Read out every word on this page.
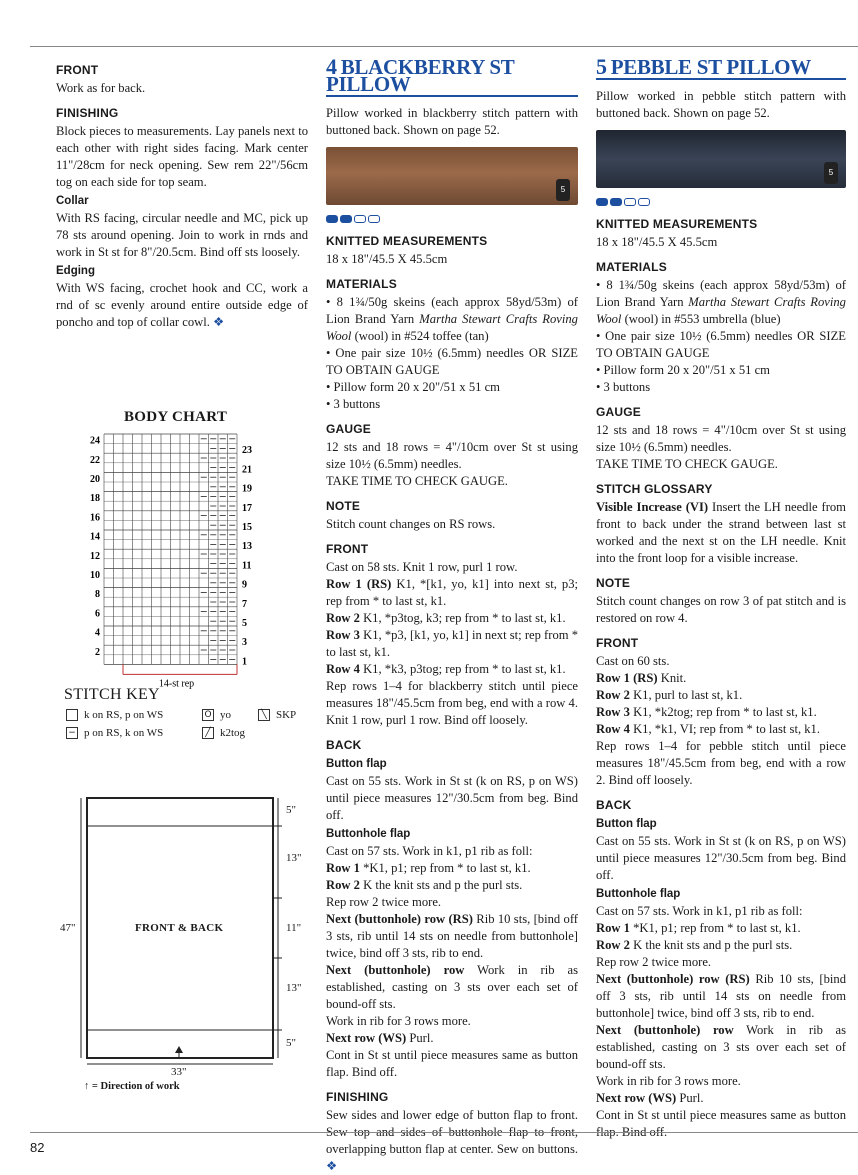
FRONT

Work as for back.

FINISHING

Block pieces to measurements. Lay panels next to each other with right sides facing. Mark center 11"/28cm for neck opening. Sew rem 22"/56cm tog on each side for top seam.

Collar

With RS facing, circular needle and MC, pick up 78 sts around opening. Join to work in rnds and work in St st for 8"/20.5cm. Bind off sts loosely.

Edging

With WS facing, crochet hook and CC, work a rnd of sc evenly around entire outside edge of poncho and top of collar cowl. ❖

BODY CHART
24
22
20
18
16
14
12
10
8
6
4
2
23
21
19
17
15
13
11
9
7
5
3
1
14-st rep
STITCH KEY
k on RS, p on WS
− p on RS, k on WS
O yo
╱ k2tog
╲ SKP
FRONT & BACK
47"
33"
5"
13"
11"
13"
5"
↑ = Direction of work
4 BLACKBERRY ST PILLOW

Pillow worked in blackberry stitch pattern with buttoned back. Shown on page 52.

5
KNITTED MEASUREMENTS

18 x 18"/45.5 X 45.5cm

MATERIALS

• 8 1¾/50g skeins (each approx 58yd/53m) of Lion Brand Yarn Martha Stewart Crafts Roving Wool (wool) in #524 toffee (tan)

• One pair size 10½ (6.5mm) needles OR SIZE TO OBTAIN GAUGE

• Pillow form 20 x 20"/51 x 51 cm

• 3 buttons

GAUGE

12 sts and 18 rows = 4"/10cm over St st using size 10½ (6.5mm) needles.

TAKE TIME TO CHECK GAUGE.

NOTE

Stitch count changes on RS rows.

FRONT

Cast on 58 sts. Knit 1 row, purl 1 row.

Row 1 (RS) K1, *[k1, yo, k1] into next st, p3; rep from * to last st, k1.

Row 2 K1, *p3tog, k3; rep from * to last st, k1.

Row 3 K1, *p3, [k1, yo, k1] in next st; rep from * to last st, k1.

Row 4 K1, *k3, p3tog; rep from * to last st, k1.

Rep rows 1–4 for blackberry stitch until piece measures 18"/45.5cm from beg, end with a row 4. Knit 1 row, purl 1 row. Bind off loosely.

BACK
Button flap

Cast on 55 sts. Work in St st (k on RS, p on WS) until piece measures 12"/30.5cm from beg. Bind off.

Buttonhole flap

Cast on 57 sts. Work in k1, p1 rib as foll:

Row 1 *K1, p1; rep from * to last st, k1.

Row 2 K the knit sts and p the purl sts.

Rep row 2 twice more.

Next (buttonhole) row (RS) Rib 10 sts, [bind off 3 sts, rib until 14 sts on needle from buttonhole] twice, bind off 3 sts, rib to end.

Next (buttonhole) row Work in rib as established, casting on 3 sts over each set of bound-off sts.

Work in rib for 3 rows more.

Next row (WS) Purl.

Cont in St st until piece measures same as button flap. Bind off.

FINISHING

Sew sides and lower edge of button flap to front. Sew top and sides of buttonhole flap to front, overlapping button flap at center. Sew on buttons. ❖

5 PEBBLE ST PILLOW

Pillow worked in pebble stitch pattern with buttoned back. Shown on page 52.

5
KNITTED MEASUREMENTS

18 x 18"/45.5 X 45.5cm

MATERIALS

• 8 1¾/50g skeins (each approx 58yd/53m) of Lion Brand Yarn Martha Stewart Crafts Roving Wool (wool) in #553 umbrella (blue)

• One pair size 10½ (6.5mm) needles OR SIZE TO OBTAIN GAUGE

• Pillow form 20 x 20"/51 x 51 cm

• 3 buttons

GAUGE

12 sts and 18 rows = 4"/10cm over St st using size 10½ (6.5mm) needles.

TAKE TIME TO CHECK GAUGE.

STITCH GLOSSARY

Visible Increase (VI) Insert the LH needle from front to back under the strand between last st worked and the next st on the LH needle. Knit into the front loop for a visible increase.

NOTE

Stitch count changes on row 3 of pat stitch and is restored on row 4.

FRONT

Cast on 60 sts.

Row 1 (RS) Knit.

Row 2 K1, purl to last st, k1.

Row 3 K1, *k2tog; rep from * to last st, k1.

Row 4 K1, *k1, VI; rep from * to last st, k1.

Rep rows 1–4 for pebble stitch until piece measures 18"/45.5cm from beg, end with a row 2. Bind off loosely.

BACK
Button flap

Cast on 55 sts. Work in St st (k on RS, p on WS) until piece measures 12"/30.5cm from beg. Bind off.

Buttonhole flap

Cast on 57 sts. Work in k1, p1 rib as foll:

Row 1 *K1, p1; rep from * to last st, k1.

Row 2 K the knit sts and p the purl sts.

Rep row 2 twice more.

Next (buttonhole) row (RS) Rib 10 sts, [bind off 3 sts, rib until 14 sts on needle from buttonhole] twice, bind off 3 sts, rib to end.

Next (buttonhole) row Work in rib as established, casting on 3 sts over each set of bound-off sts.

Work in rib for 3 rows more.

Next row (WS) Purl.

Cont in St st until piece measures same as button flap. Bind off.

82
